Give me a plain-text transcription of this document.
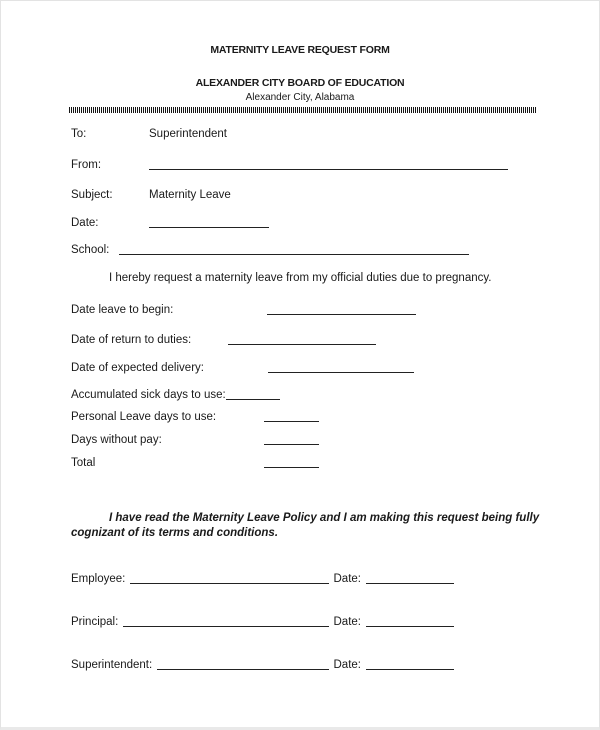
MATERNITY LEAVE REQUEST FORM
ALEXANDER CITY BOARD OF EDUCATION
Alexander City, Alabama
To:	Superintendent
From:
Subject:	Maternity Leave
Date:
School:
I hereby request a maternity leave from my official duties due to pregnancy.
Date leave to begin:
Date of return to duties:
Date of expected delivery:
Accumulated sick days to use:
Personal Leave days to use:
Days without pay:
Total
I have read the Maternity Leave Policy and I am making this request being fully cognizant of its terms and conditions.
Employee:	Date:
Principal:	Date:
Superintendent:	Date:
